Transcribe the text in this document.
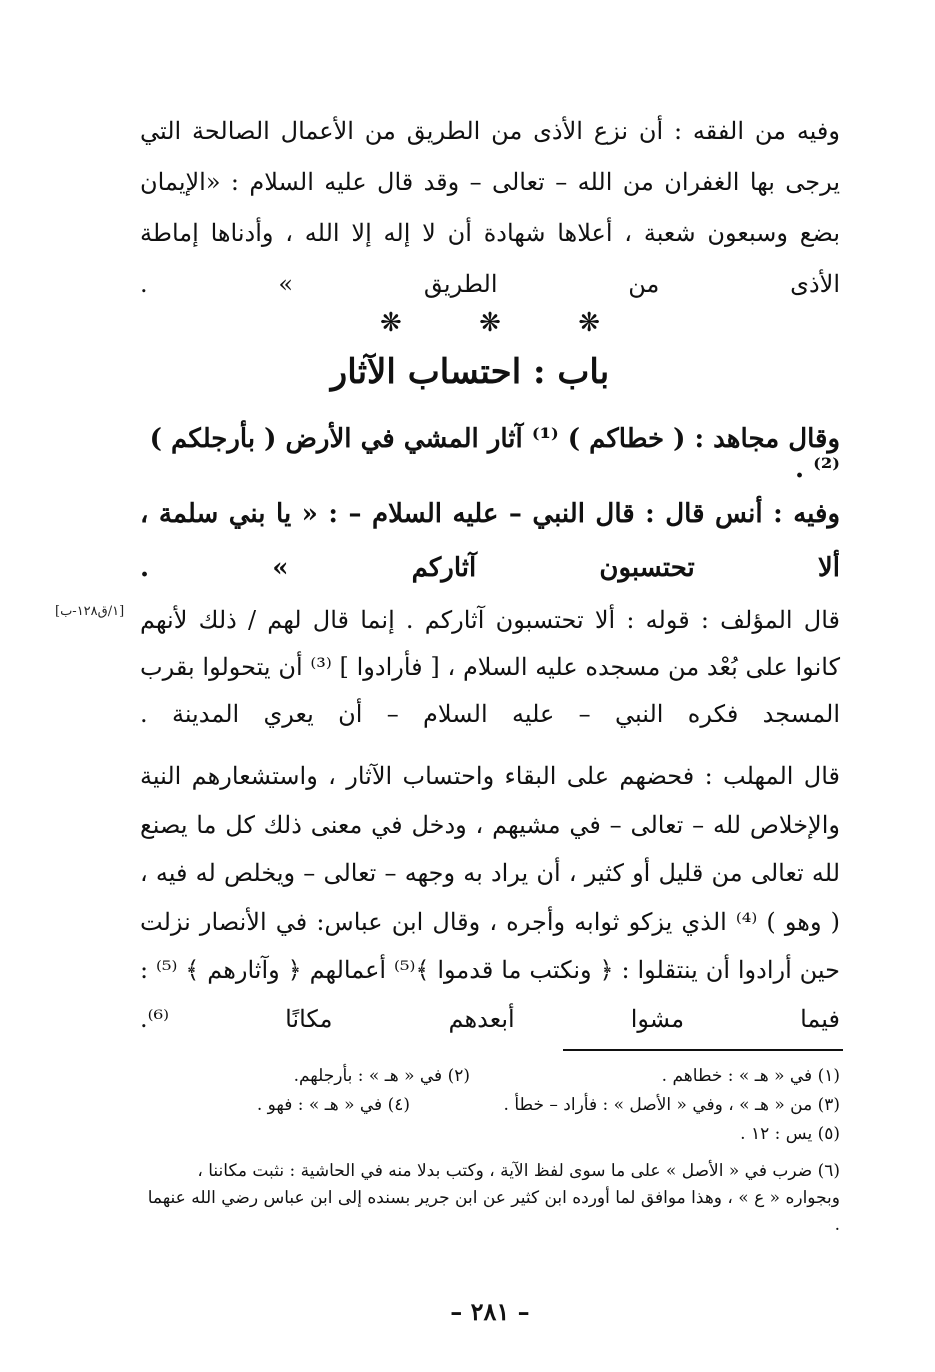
وفيه من الفقه : أن نزع الأذى من الطريق من الأعمال الصالحة التي يرجى بها الغفران من الله – تعالى – وقد قال عليه السلام : «الإيمان بضع وسبعون شعبة ، أعلاها شهادة أن لا إله إلا الله ، وأدناها إماطة الأذى من الطريق » .

❋
❋
❋
باب : احتساب الآثار
وقال مجاهد : ( خطاكم ) ⁽¹⁾ آثار المشي في الأرض ( بأرجلكم )⁽²⁾ .

وفيه : أنس قال : قال النبي – عليه السلام – : « يا بني سلمة ، ألا تحتسبون آثاركم » .

[١/ق١٢٨-ب] قال المؤلف : قوله : ألا تحتسبون آثاركم . إنما قال لهم / ذلك لأنهم كانوا على بُعْد من مسجده عليه السلام ، [ فأرادوا ] ⁽³⁾ أن يتحولوا بقرب المسجد فكره النبي – عليه السلام – أن يعري المدينة .

قال المهلب : فحضهم على البقاء واحتساب الآثار ، واستشعارهم النية والإخلاص لله – تعالى – في مشيهم ، ودخل في معنى ذلك كل ما يصنع لله تعالى من قليل أو كثير ، أن يراد به وجهه – تعالى – ويخلص له فيه ، ( وهو ) ⁽⁴⁾ الذي يزكو ثوابه وأجره ، وقال ابن عباس: في الأنصار نزلت حين أرادوا أن ينتقلوا : ﴿ ونكتب ما قدموا ﴾⁽⁵⁾ أعمالهم ﴿ وآثارهم ﴾ ⁽⁵⁾ : فيما مشوا أبعدهم مكانًا ⁽⁶⁾.

(١) في « هـ » : خطاهم .(٢) في « هـ » : بأرجلهم.
(٣) من « هـ » ، وفي « الأصل » : فأراد – خطأ .(٤) في « هـ » : فهو .
(٥) يس : ١٢ .
(٦) ضرب في « الأصل » على ما سوى لفظ الآية ، وكتب بدلا منه في الحاشية : نثبت مكاننا ، وبجواره « ع » ، وهذا موافق لما أورده ابن كثير عن ابن جرير بسنده إلى ابن عباس رضي الله عنهما .
– ٢٨١ –
